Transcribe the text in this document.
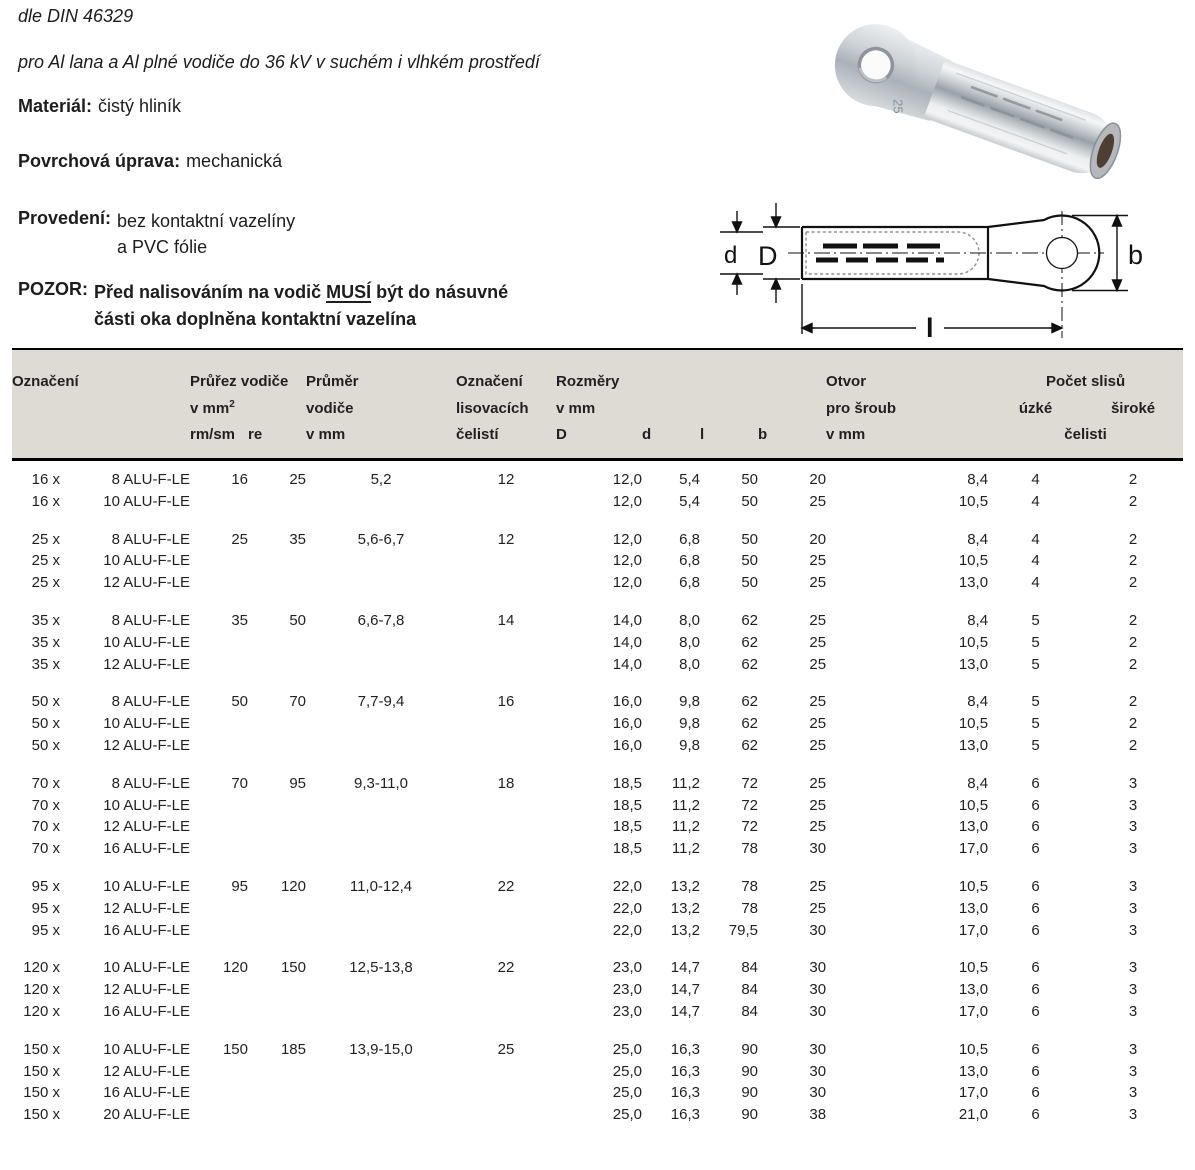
dle DIN 46329
pro Al lana a Al plné vodiče do 36 kV v suchém i vlhkém prostředí
Materiál: čistý hliník
Povrchová úprava: mechanická
Provedení: bez kontaktní vazelíny
a PVC fólie
POZOR: Před nalisováním na vodič MUSÍ být do násuvné
části oka doplněna kontaktní vazelína
25
d D	b
l
Označení		Průřez vodiče		Průměr	Označení	Rozměry				Otvor	Počet slisů	
		v $mm^2$		vodiče	lisovacích	v mm				pro šroub	úzké	široké
		rm/sm	re	v mm	čelistí	D	d	l	b	v mm	čelisti	

16 x	8 ALU-F-LE	16	25	5,2	12	12,0	5,4	50	20	8,4	4	2
16 x	10 ALU-F-LE					12,0	5,4	50	25	10,5	4	2

25 x	8 ALU-F-LE	25	35	5,6-6,7	12	12,0	6,8	50	20	8,4	4	2
25 x	10 ALU-F-LE					12,0	6,8	50	25	10,5	4	2
25 x	12 ALU-F-LE					12,0	6,8	50	25	13,0	4	2

35 x	8 ALU-F-LE	35	50	6,6-7,8	14	14,0	8,0	62	25	8,4	5	2
35 x	10 ALU-F-LE					14,0	8,0	62	25	10,5	5	2
35 x	12 ALU-F-LE					14,0	8,0	62	25	13,0	5	2

50 x	8 ALU-F-LE	50	70	7,7-9,4	16	16,0	9,8	62	25	8,4	5	2
50 x	10 ALU-F-LE					16,0	9,8	62	25	10,5	5	2
50 x	12 ALU-F-LE					16,0	9,8	62	25	13,0	5	2

70 x	8 ALU-F-LE	70	95	9,3-11,0	18	18,5	11,2	72	25	8,4	6	3
70 x	10 ALU-F-LE					18,5	11,2	72	25	10,5	6	3
70 x	12 ALU-F-LE					18,5	11,2	72	25	13,0	6	3
70 x	16 ALU-F-LE					18,5	11,2	78	30	17,0	6	3

95 x	10 ALU-F-LE	95	120	11,0-12,4	22	22,0	13,2	78	25	10,5	6	3
95 x	12 ALU-F-LE					22,0	13,2	78	25	13,0	6	3
95 x	16 ALU-F-LE					22,0	13,2	79,5	30	17,0	6	3

120 x	10 ALU-F-LE	120	150	12,5-13,8	22	23,0	14,7	84	30	10,5	6	3
120 x	12 ALU-F-LE					23,0	14,7	84	30	13,0	6	3
120 x	16 ALU-F-LE					23,0	14,7	84	30	17,0	6	3

150 x	10 ALU-F-LE	150	185	13,9-15,0	25	25,0	16,3	90	30	10,5	6	3
150 x	12 ALU-F-LE					25,0	16,3	90	30	13,0	6	3
150 x	16 ALU-F-LE					25,0	16,3	90	30	17,0	6	3
150 x	20 ALU-F-LE					25,0	16,3	90	38	21,0	6	3
